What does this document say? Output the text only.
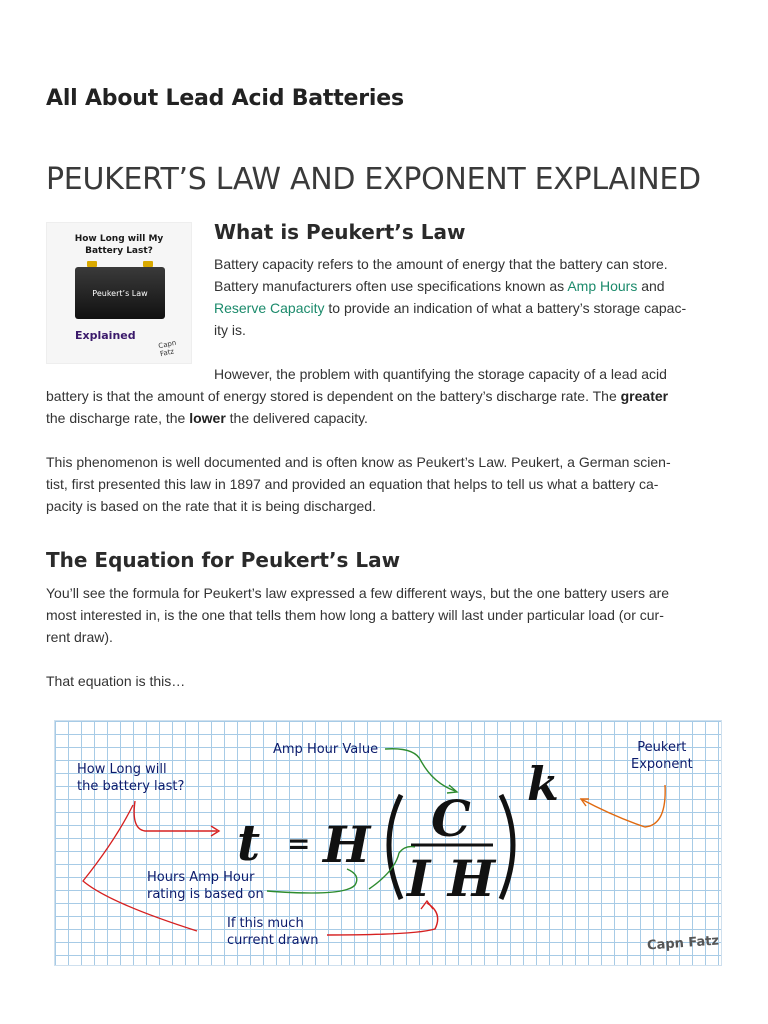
All About Lead Acid Batteries
PEUKERT’S LAW AND EXPONENT EXPLAINED
How Long will My
Battery Last?
Peukert’s Law
Explained
Capn Fatz
What is Peukert’s Law

Battery capacity refers to the amount of energy that the battery can store.
Battery manufacturers often use specifications known as Amp Hours and
Reserve Capacity to provide an indication of what a battery’s storage capac-
ity is.

However, the problem with quantifying the storage capacity of a lead acid
battery is that the amount of energy stored is dependent on the battery’s discharge rate. The greater
the discharge rate, the lower the delivered capacity.

This phenomenon is well documented and is often know as Peukert’s Law. Peukert, a German scien-
tist, first presented this law in 1897 and provided an equation that helps to tell us what a battery ca-
pacity is based on the rate that it is being discharged.

The Equation for Peukert’s Law

You’ll see the formula for Peukert’s law expressed a few different ways, but the one battery users are
most interested in, is the one that tells them how long a battery will last under particular load (or cur-
rent draw).

That equation is this…

Amp Hour Value	Peukert
Exponent
How Long will
the battery last?
Hours Amp Hour
rating is based on
If this much
current drawn	Capn Fatz
t = H C
I H
k
